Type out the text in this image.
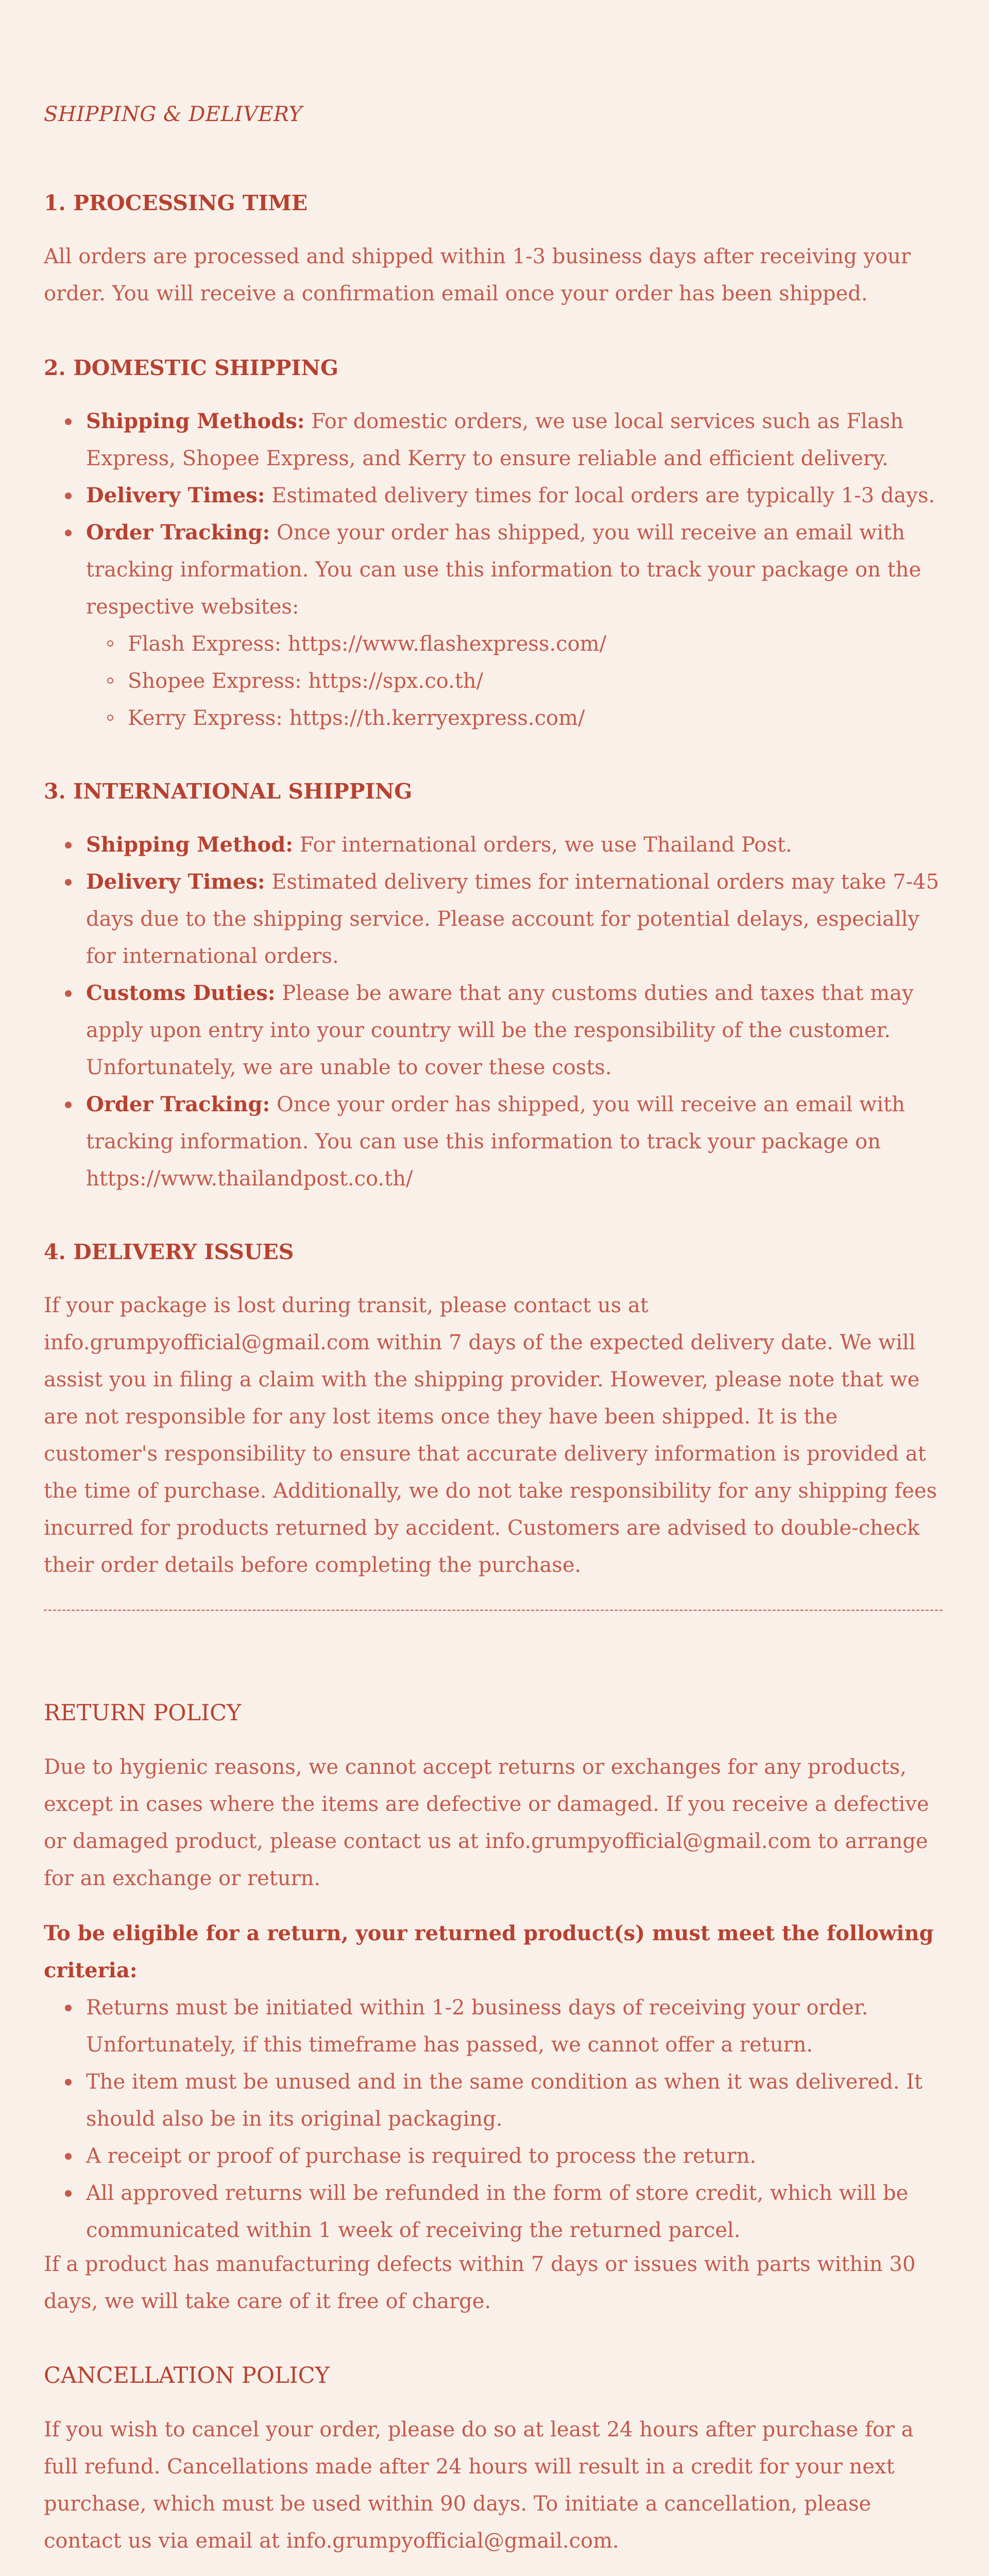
SHIPPING & DELIVERY
1. PROCESSING TIME

All orders are processed and shipped within 1-3 business days after receiving your order. You will receive a confirmation email once your order has been shipped.

2. DOMESTIC SHIPPING
Shipping Methods: For domestic orders, we use local services such as Flash Express, Shopee Express, and Kerry to ensure reliable and efficient delivery.
Delivery Times: Estimated delivery times for local orders are typically 1-3 days.
Order Tracking: Once your order has shipped, you will receive an email with tracking information. You can use this information to track your package on the respective websites:
Flash Express: https://www.flashexpress.com/
Shopee Express: https://spx.co.th/
Kerry Express: https://th.kerryexpress.com/
3. INTERNATIONAL SHIPPING
Shipping Method: For international orders, we use Thailand Post.
Delivery Times: Estimated delivery times for international orders may take 7-45 days due to the shipping service. Please account for potential delays, especially for international orders.
Customs Duties: Please be aware that any customs duties and taxes that may apply upon entry into your country will be the responsibility of the customer. Unfortunately, we are unable to cover these costs.
Order Tracking: Once your order has shipped, you will receive an email with tracking information. You can use this information to track your package on https://www.thailandpost.co.th/
4. DELIVERY ISSUES

If your package is lost during transit, please contact us at info.grumpyofficial@gmail.com within 7 days of the expected delivery date. We will assist you in filing a claim with the shipping provider. However, please note that we are not responsible for any lost items once they have been shipped. It is the customer's responsibility to ensure that accurate delivery information is provided at the time of purchase. Additionally, we do not take responsibility for any shipping fees incurred for products returned by accident. Customers are advised to double-check their order details before completing the purchase.

RETURN POLICY

Due to hygienic reasons, we cannot accept returns or exchanges for any products, except in cases where the items are defective or damaged. If you receive a defective or damaged product, please contact us at info.grumpyofficial@gmail.com to arrange for an exchange or return.

To be eligible for a return, your returned product(s) must meet the following criteria:

Returns must be initiated within 1-2 business days of receiving your order. Unfortunately, if this timeframe has passed, we cannot offer a return.
The item must be unused and in the same condition as when it was delivered. It should also be in its original packaging.
A receipt or proof of purchase is required to process the return.
All approved returns will be refunded in the form of store credit, which will be communicated within 1 week of receiving the returned parcel.

If a product has manufacturing defects within 7 days or issues with parts within 30 days, we will take care of it free of charge.

CANCELLATION POLICY

If you wish to cancel your order, please do so at least 24 hours after purchase for a full refund. Cancellations made after 24 hours will result in a credit for your next purchase, which must be used within 90 days. To initiate a cancellation, please contact us via email at info.grumpyofficial@gmail.com.
